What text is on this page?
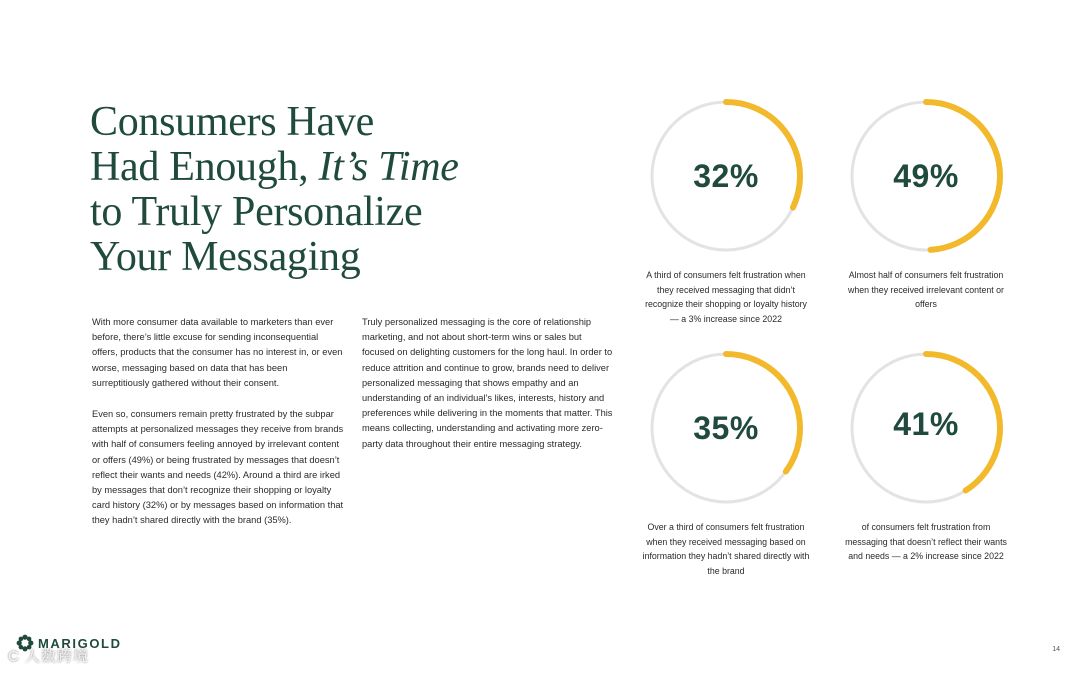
Consumers Have
Had Enough, It’s Time
to Truly Personalize
Your Messaging

With more consumer data available to marketers than ever before, there’s little excuse for sending inconsequential offers, products that the consumer has no interest in, or even worse, messaging based on data that has been surreptitiously gathered without their consent.

Even so, consumers remain pretty frustrated by the subpar attempts at personalized messages they receive from brands with half of consumers feeling annoyed by irrelevant content or offers (49%) or being frustrated by messages that doesn’t reflect their wants and needs (42%). Around a third are irked by messages that don’t recognize their shopping or loyalty card history (32%) or by messages based on information that they hadn’t shared directly with the brand (35%).

Truly personalized messaging is the core of relationship marketing, and not about short-term wins or sales but focused on delighting customers for the long haul. In order to reduce attrition and continue to grow, brands need to deliver personalized messaging that shows empathy and an understanding of an individual’s likes, interests, history and preferences while delivering in the moments that matter. This means collecting, understanding and activating more zero-party data throughout their entire messaging strategy.

32%
A third of consumers felt frustration when they received messaging that didn’t recognize their shopping or loyalty history — a 3% increase since 2022
49%
Almost half of consumers felt frustration when they received irrelevant content or offers
35%
Over a third of consumers felt frustration when they received messaging based on information they hadn’t shared directly with the brand
41%
of consumers felt frustration from messaging that doesn’t reflect their wants and needs — a 2% increase since 2022
MARIGOLD
C 人数跨境	14
